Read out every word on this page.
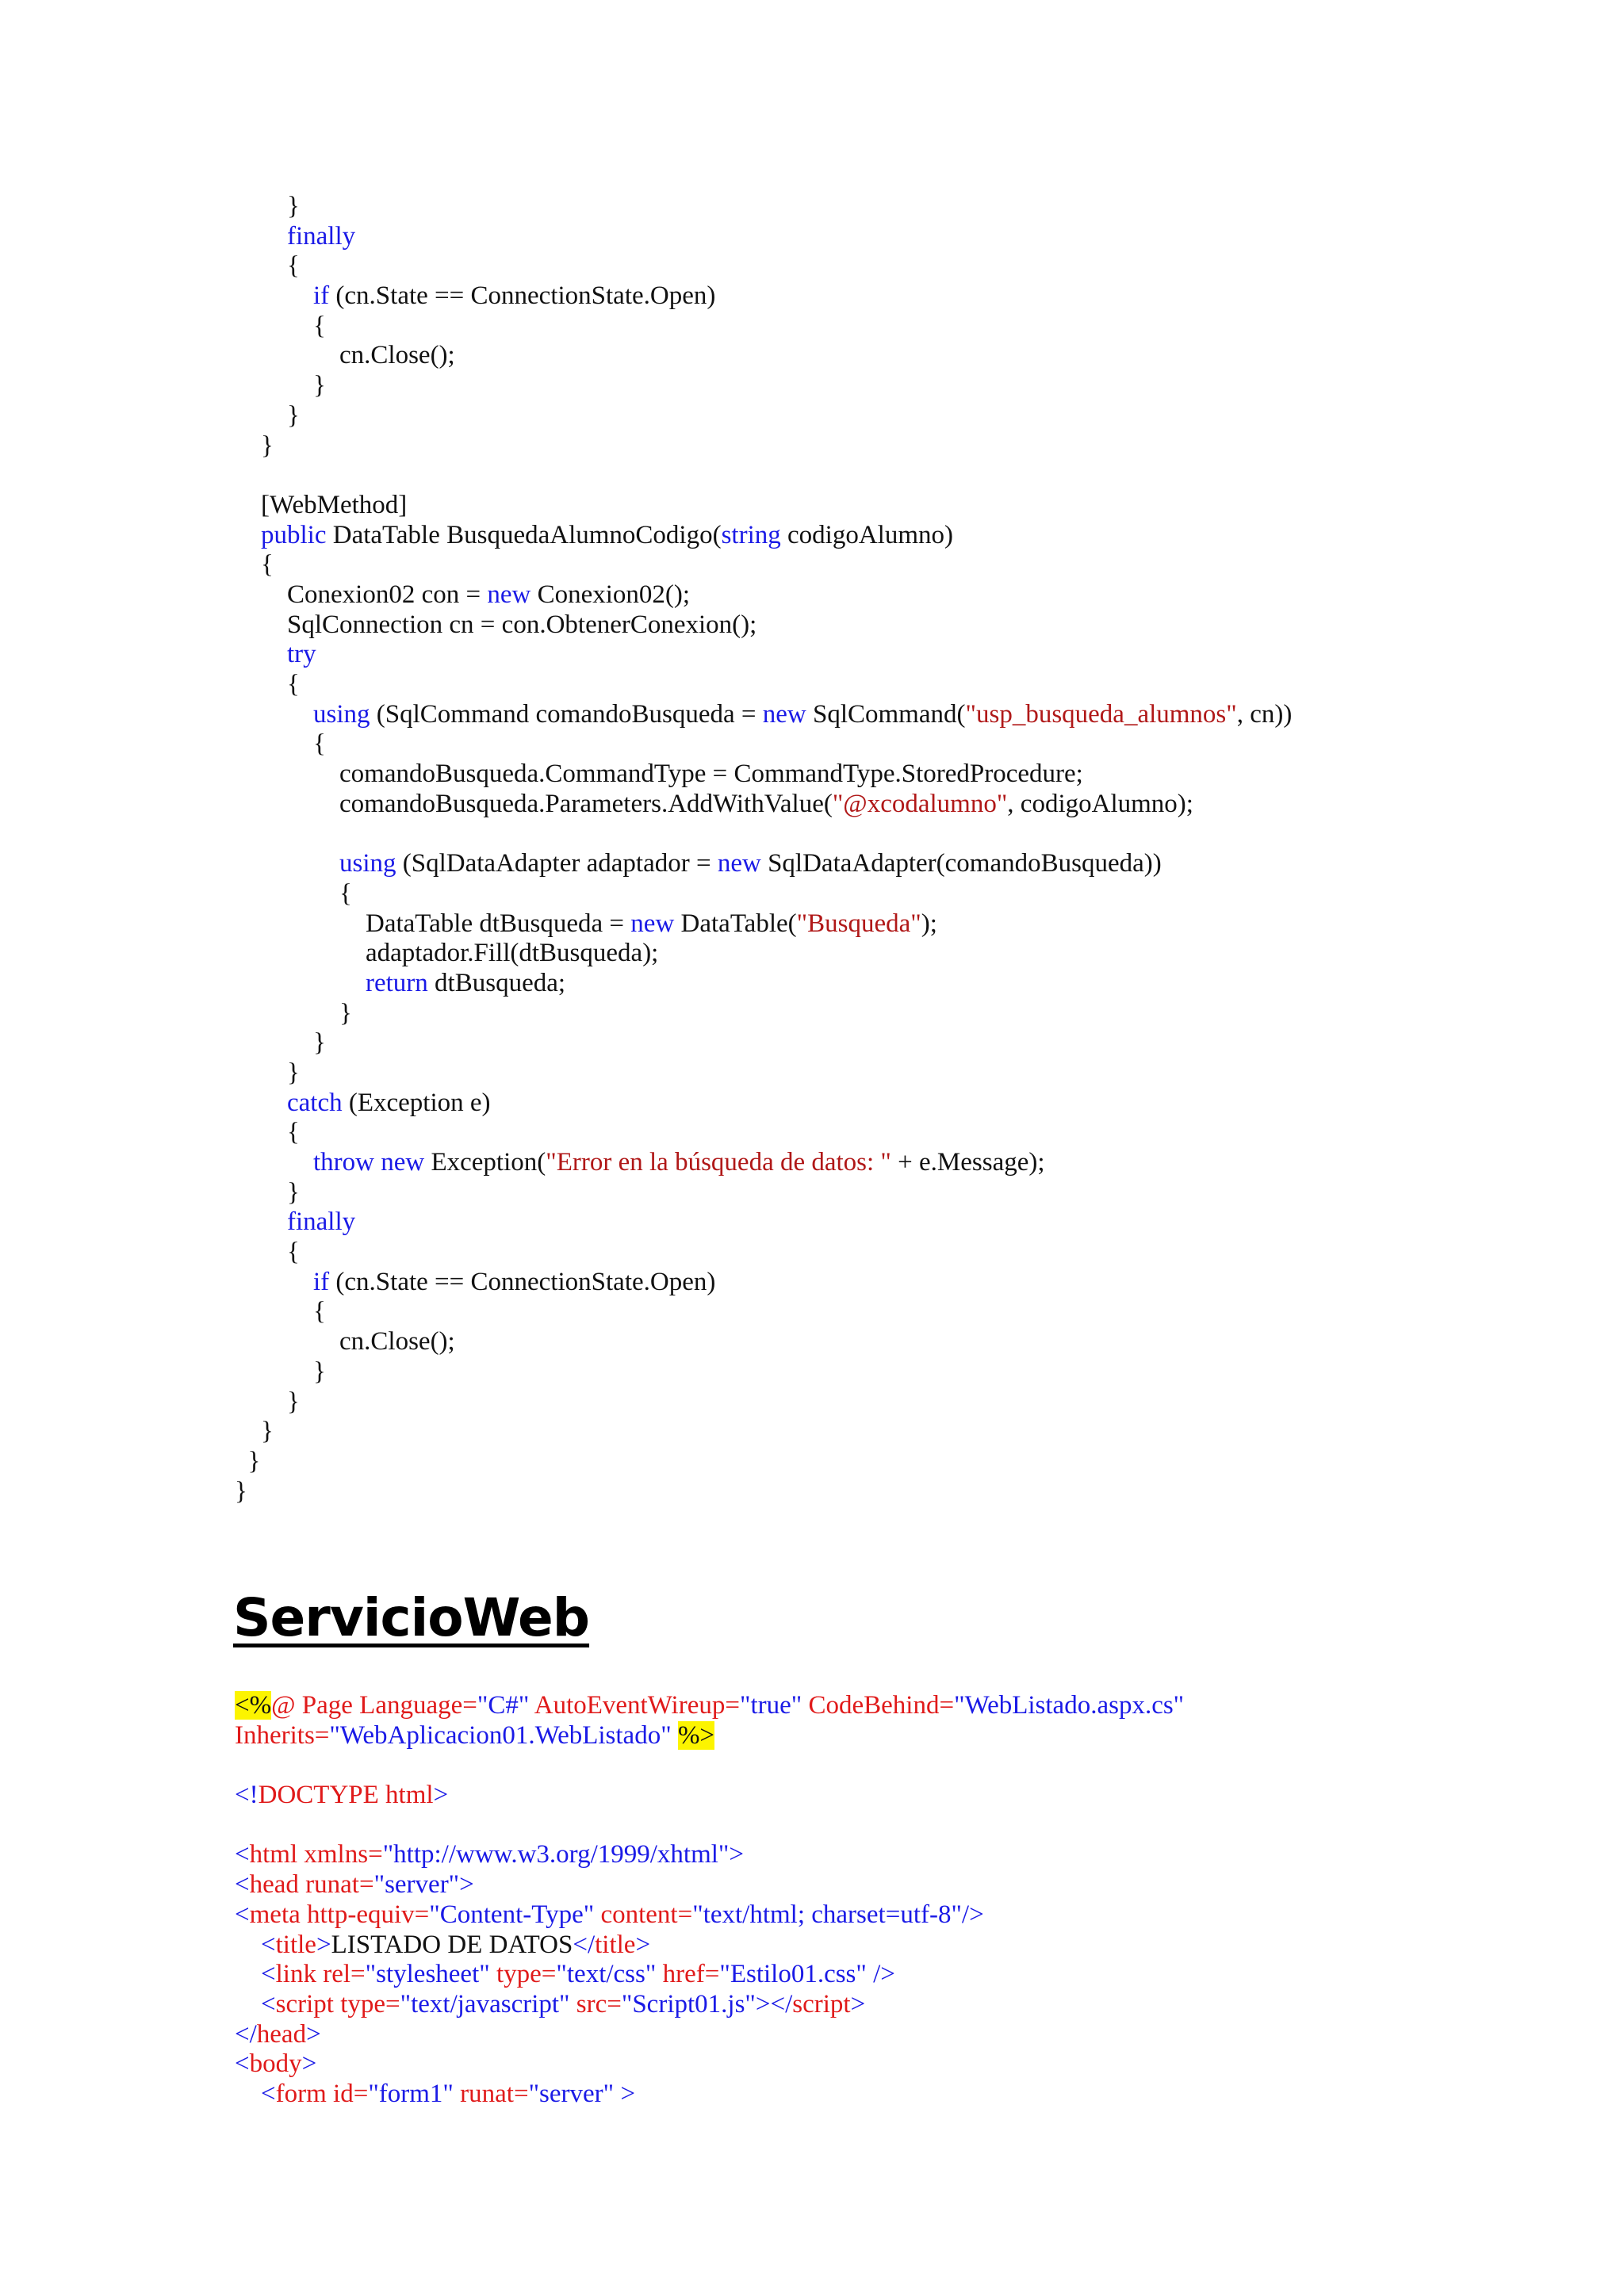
}
finally
{
if (cn.State == ConnectionState.Open)
{
cn.Close();
}
}
}

[WebMethod]
public DataTable BusquedaAlumnoCodigo(string codigoAlumno)
{
Conexion02 con = new Conexion02();
SqlConnection cn = con.ObtenerConexion();
try
{
using (SqlCommand comandoBusqueda = new SqlCommand("usp_busqueda_alumnos", cn))
{
comandoBusqueda.CommandType = CommandType.StoredProcedure;
comandoBusqueda.Parameters.AddWithValue("@xcodalumno", codigoAlumno);

using (SqlDataAdapter adaptador = new SqlDataAdapter(comandoBusqueda))
{
DataTable dtBusqueda = new DataTable("Busqueda");
adaptador.Fill(dtBusqueda);
return dtBusqueda;
}
}
}
catch (Exception e)
{
throw new Exception("Error en la búsqueda de datos: " + e.Message);
}
finally
{
if (cn.State == ConnectionState.Open)
{
cn.Close();
}
}
}
}
}
ServicioWeb
<%@ Page Language="C#" AutoEventWireup="true" CodeBehind="WebListado.aspx.cs"
Inherits="WebAplicacion01.WebListado" %>

<!DOCTYPE html>

<html xmlns="http://www.w3.org/1999/xhtml">
<head runat="server">
<meta http-equiv="Content-Type" content="text/html; charset=utf-8"/>
<title>LISTADO DE DATOS</title>
<link rel="stylesheet" type="text/css" href="Estilo01.css" />
<script type="text/javascript" src="Script01.js"></script>
</head>
<body>
<form id="form1" runat="server" >
